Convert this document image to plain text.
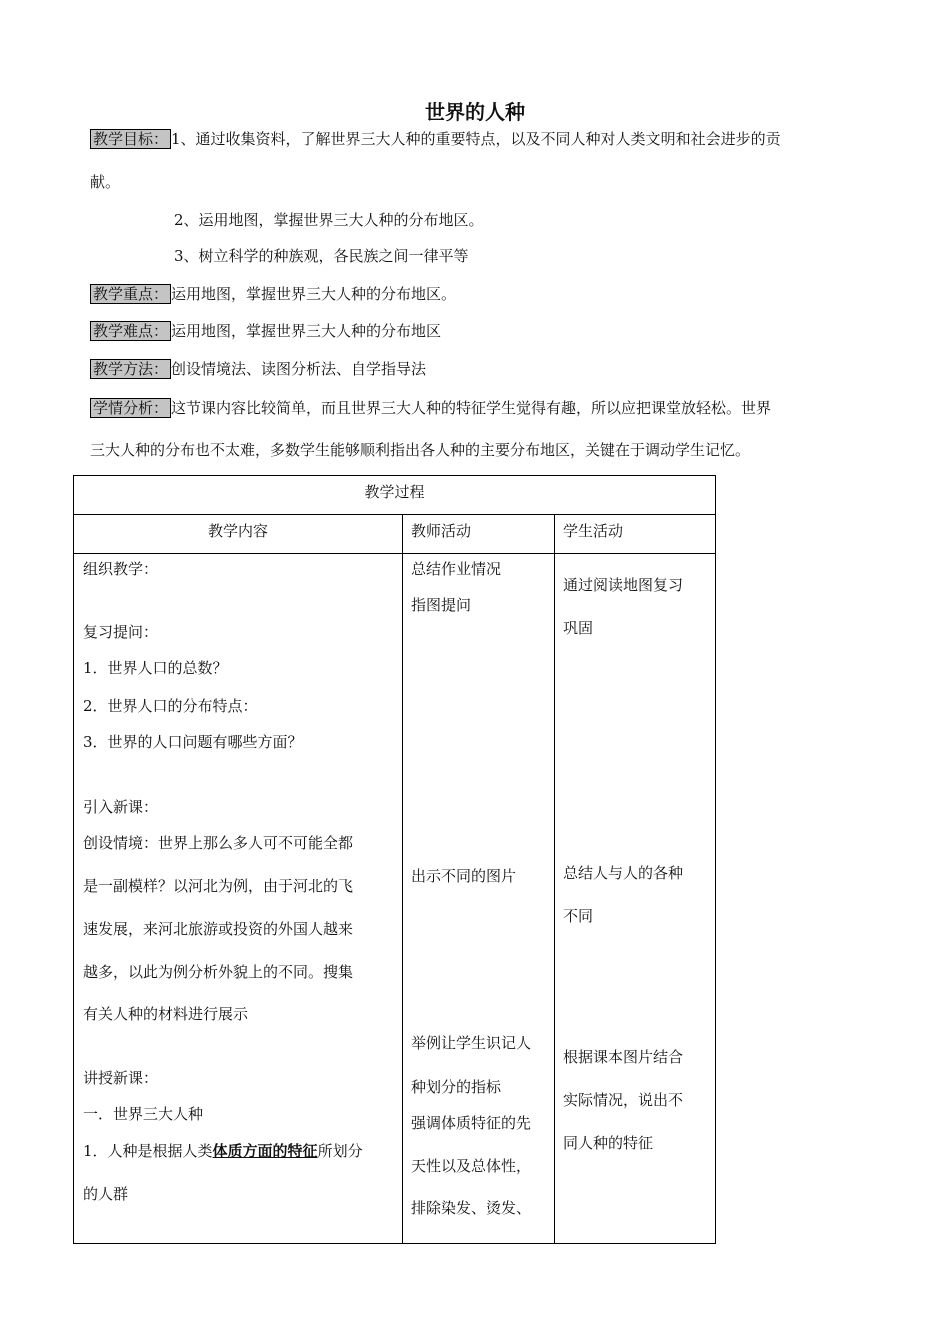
世界的人种
教学目标： 1、通过收集资料，了解世界三大人种的重要特点，以及不同人种对人类文明和社会进步的贡
献。
2、运用地图，掌握世界三大人种的分布地区。
3、树立科学的种族观，各民族之间一律平等
教学重点： 运用地图，掌握世界三大人种的分布地区。
教学难点： 运用地图，掌握世界三大人种的分布地区
教学方法： 创设情境法、读图分析法、自学指导法
学情分析： 这节课内容比较简单，而且世界三大人种的特征学生觉得有趣，所以应把课堂放轻松。世界
三大人种的分布也不太难，多数学生能够顺利指出各人种的主要分布地区，关键在于调动学生记忆。
教学过程
教学内容	教师活动	学生活动
组织教学：
复习提问：
1．世界人口的总数？
2．世界人口的分布特点：
3．世界的人口问题有哪些方面？
引入新课：
创设情境：世界上那么多人可不可能全都
是一副模样？以河北为例，由于河北的飞
速发展，来河北旅游或投资的外国人越来
越多，以此为例分析外貌上的不同。搜集
有关人种的材料进行展示
讲授新课：
一．世界三大人种
1．人种是根据人类体质方面的特征所划分
的人群
总结作业情况
指图提问
出示不同的图片
举例让学生识记人
种划分的指标
强调体质特征的先
天性以及总体性，
排除染发、烫发、
通过阅读地图复习
巩固
总结人与人的各种
不同
根据课本图片结合
实际情况，说出不
同人种的特征
